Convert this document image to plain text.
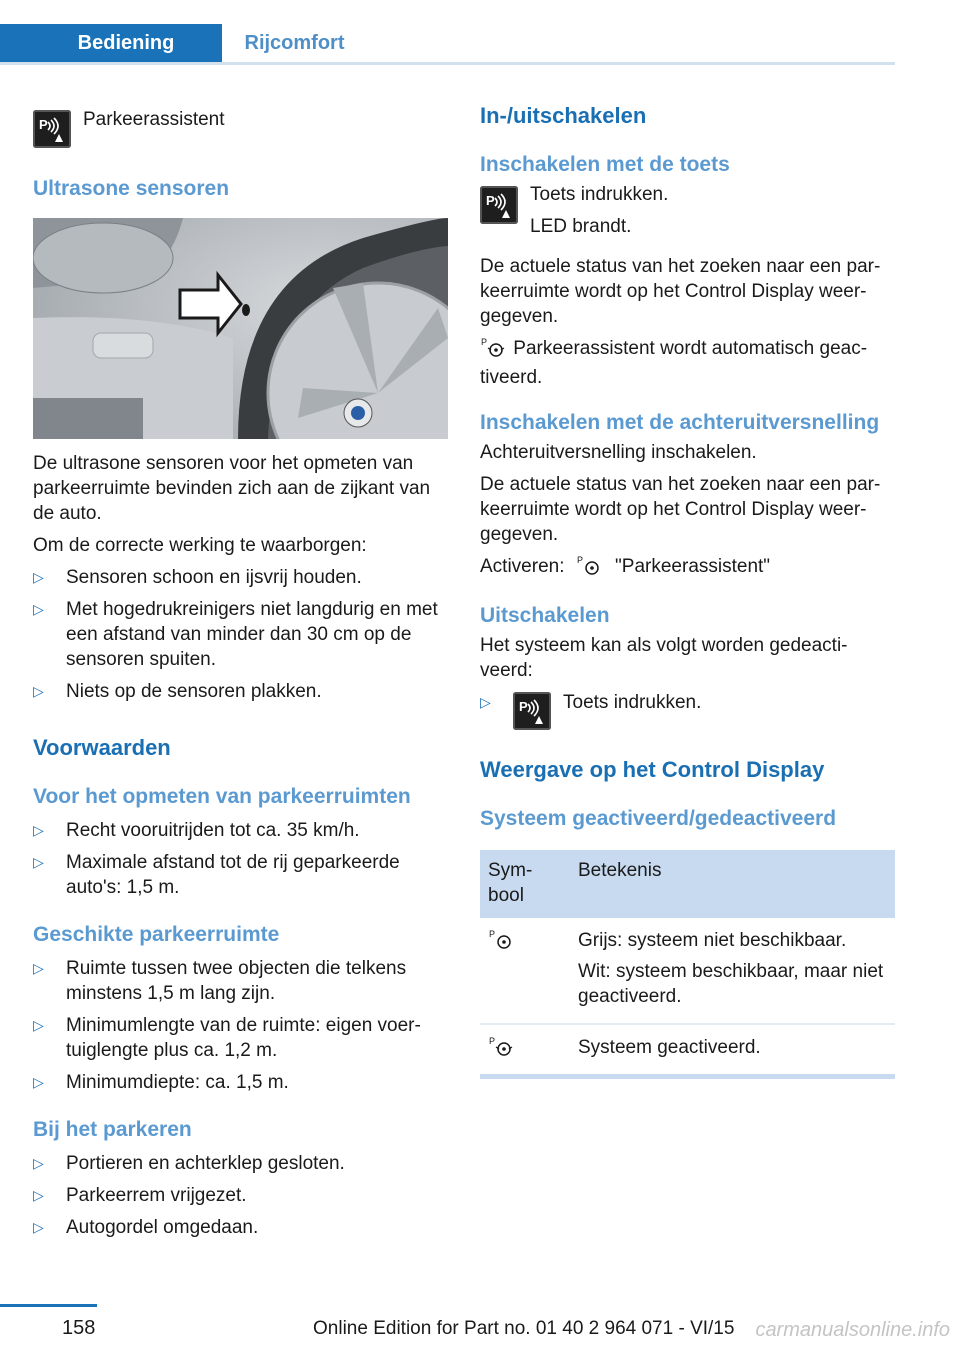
Bediening	Rijcomfort
P Parkeerassistent
Ultrasone sensoren

De ultrasone sensoren voor het opmeten van parkeerruimte bevinden zich aan de zijkant van de auto.

Om de correcte werking te waarborgen:

▷	Sensoren schoon en ijsvrij houden.
▷	Met hogedrukreinigers niet langdurig en met een afstand van minder dan 30 cm op de sensoren spuiten.
▷	Niets op de sensoren plakken.
Voorwaarden
Voor het opmeten van parkeerruimten
▷	Recht vooruitrijden tot ca. 35 km/h.
▷	Maximale afstand tot de rij geparkeerde auto's: 1,5 m.
Geschikte parkeerruimte
▷	Ruimte tussen twee objecten die telkens minstens 1,5 m lang zijn.
▷	Minimumlengte van de ruimte: eigen voer- tuiglengte plus ca. 1,2 m.
▷	Minimumdiepte: ca. 1,5 m.
Bij het parkeren
▷	Portieren en achterklep gesloten.
▷	Parkeerrem vrijgezet.
▷	Autogordel omgedaan.
In-/uitschakelen
Inschakelen met de toets
P Toets indrukken.

LED brandt.

De actuele status van het zoeken naar een par- keerruimte wordt op het Control Display weer- gegeven.

P Parkeerassistent wordt automatisch geac- tiveerd.

Inschakelen met de achteruitversnelling

Achteruitversnelling inschakelen.

De actuele status van het zoeken naar een par- keerruimte wordt op het Control Display weer- gegeven.

Activeren: P "Parkeerassistent"

Uitschakelen

Het systeem kan als volgt worden gedeacti- veerd:

▷	P Toets indrukken.
Weergave op het Control Display
Systeem geactiveerd/gedeactiveerd
Sym- bool	Betekenis

P	Grijs: systeem niet beschikbaar.

Wit: systeem beschikbaar, maar niet geactiveerd.

P	Systeem geactiveerd.

158	Online Edition for Part no. 01 40 2 964 071 - VI/15 carmanualsonline.info
